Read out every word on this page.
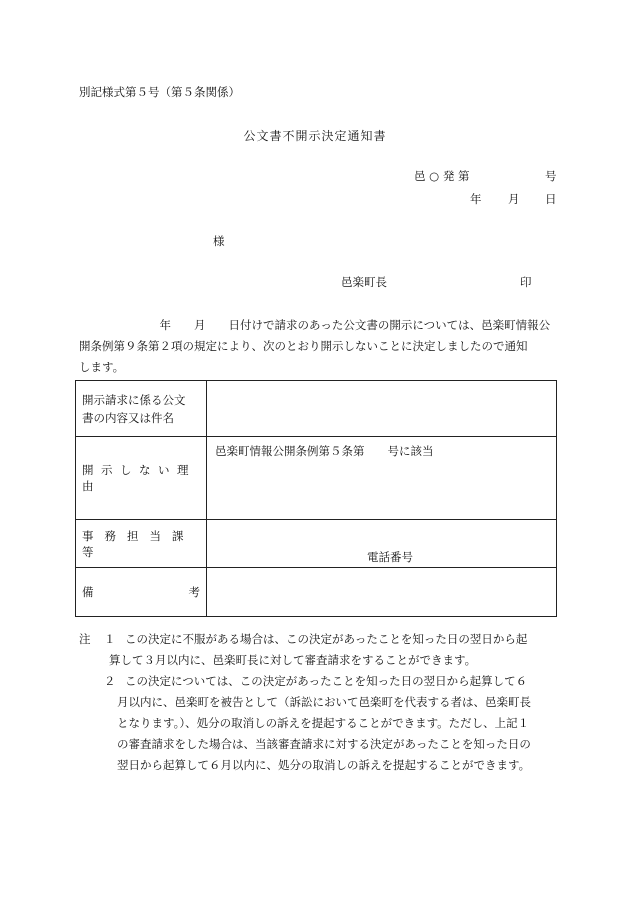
別記様式第５号（第５条関係）
公文書不開示決定通知書
邑 ○ 発 第	号
年 月 日
様
邑楽町長	印
　　　　　　　年　　月　　日付けで請求のあった公文書の開示については、邑楽町情報公
開条例第９条第２項の規定により、次のとおり開示しないことに決定しましたので通知
します。
開示請求に係る公文
書の内容又は件名	

開示しない理由	邑楽町情報公開条例第５条第　　号に該当

事務担当課等	電話番号

備 考	

注 １ この決定に不服がある場合は、この決定があったことを知った日の翌日から起
算して３月以内に、邑楽町長に対して審査請求をすることができます。
２ この決定については、この決定があったことを知った日の翌日から起算して６
月以内に、邑楽町を被告として（訴訟において邑楽町を代表する者は、邑楽町長
となります。）、処分の取消しの訴えを提起することができます。ただし、上記１
の審査請求をした場合は、当該審査請求に対する決定があったことを知った日の
翌日から起算して６月以内に、処分の取消しの訴えを提起することができます。
